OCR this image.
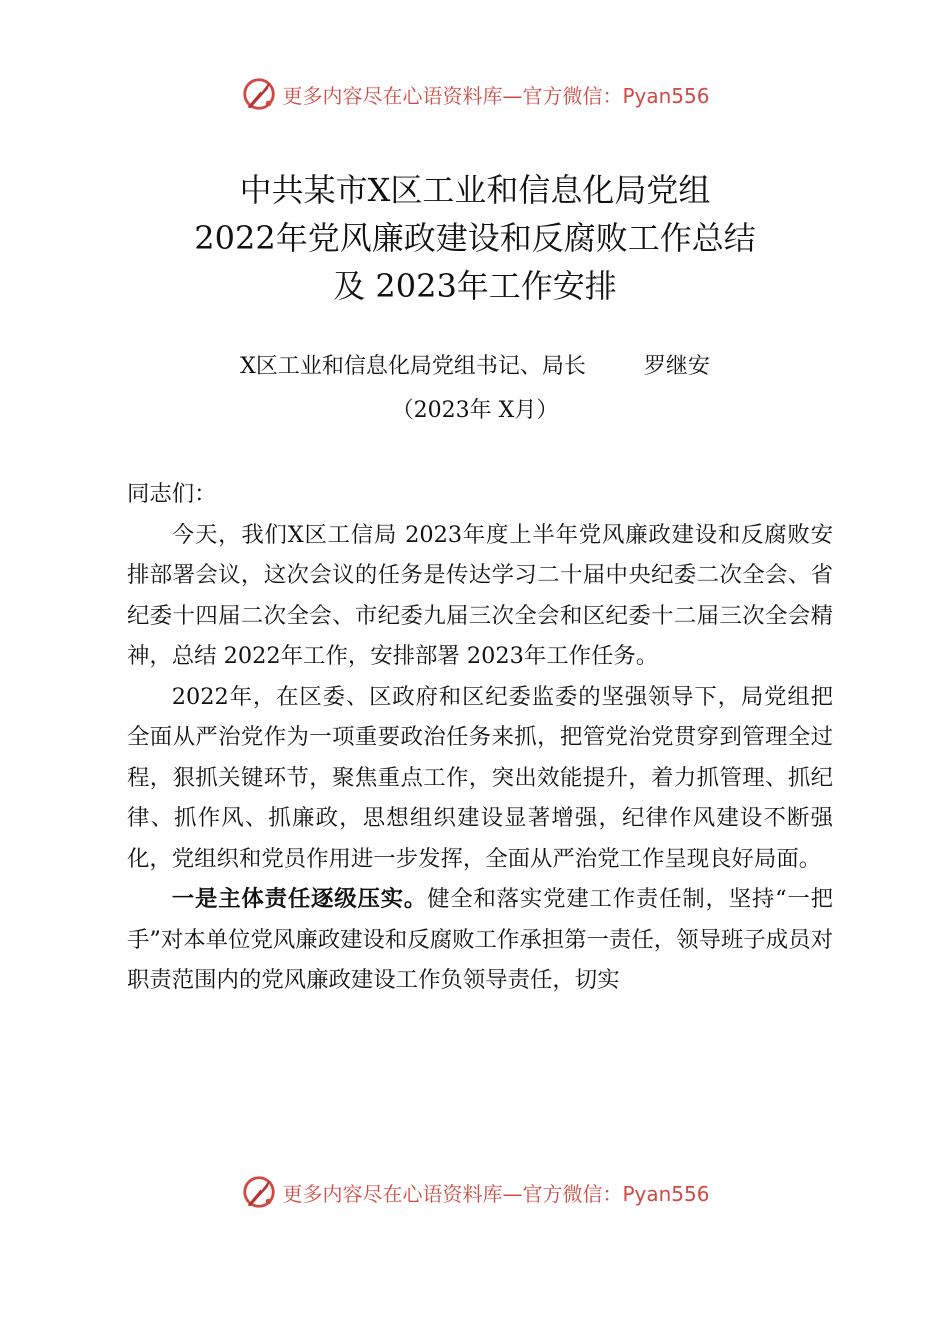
更多内容尽在心语资料库—官方微信：Pyan556
中共某市X区工业和信息化局党组
2022年党风廉政建设和反腐败工作总结
及 2023年工作安排
X区工业和信息化局党组书记、局长	罗继安
（2023年 X月）

同志们：

今天，我们X区工信局 2023年度上半年党风廉政建设和反腐败安排部署会议，这次会议的任务是传达学习二十届中央纪委二次全会、省纪委十四届二次全会、市纪委九届三次全会和区纪委十二届三次全会精神，总结 2022年工作，安排部署 2023年工作任务。

2022年，在区委、区政府和区纪委监委的坚强领导下，局党组把全面从严治党作为一项重要政治任务来抓，把管党治党贯穿到管理全过程，狠抓关键环节，聚焦重点工作，突出效能提升，着力抓管理、抓纪律、抓作风、抓廉政，思想组织建设显著增强，纪律作风建设不断强化，党组织和党员作用进一步发挥，全面从严治党工作呈现良好局面。

一是主体责任逐级压实。健全和落实党建工作责任制，坚持“一把手”对本单位党风廉政建设和反腐败工作承担第一责任，领导班子成员对职责范围内的党风廉政建设工作负领导责任，切实

更多内容尽在心语资料库—官方微信：Pyan556
